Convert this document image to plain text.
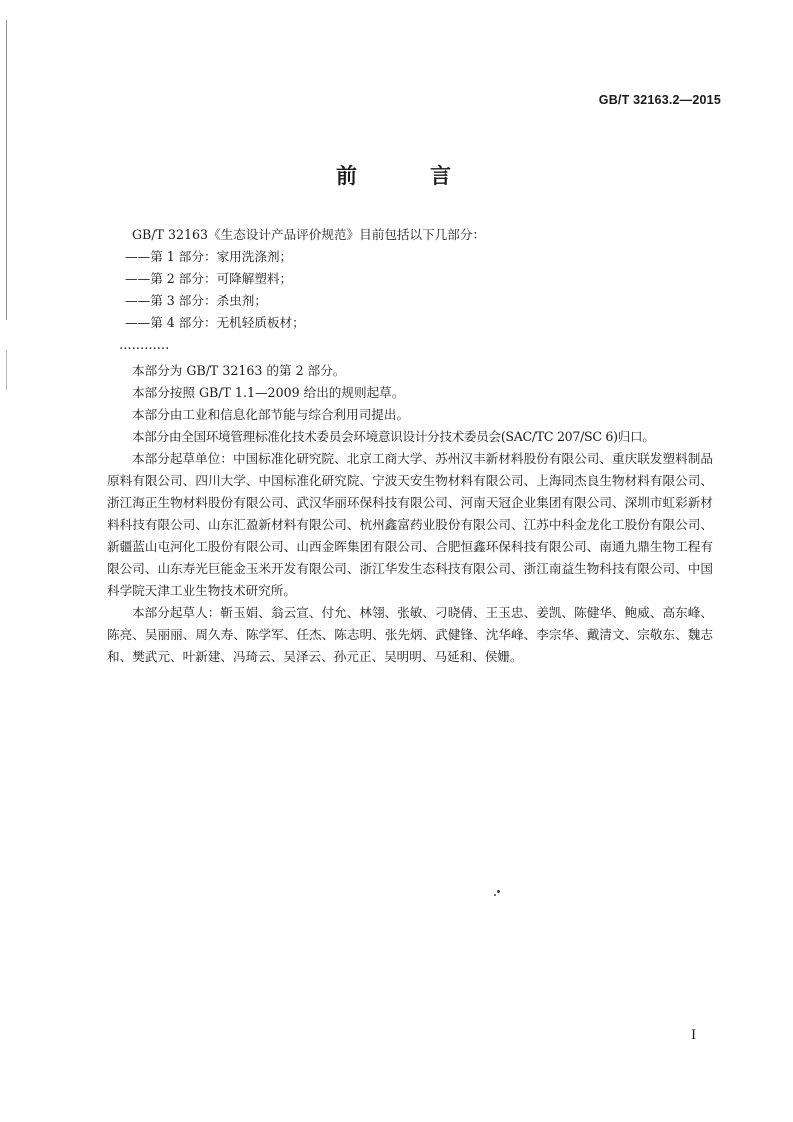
GB/T 32163.2—2015
前　言

GB/T 32163《生态设计产品评价规范》目前包括以下几部分：

——第 1 部分：家用洗涤剂；

——第 2 部分：可降解塑料；

——第 3 部分：杀虫剂；

——第 4 部分：无机轻质板材；

…………

本部分为 GB/T 32163 的第 2 部分。

本部分按照 GB/T 1.1—2009 给出的规则起草。

本部分由工业和信息化部节能与综合利用司提出。

本部分由全国环境管理标准化技术委员会环境意识设计分技术委员会(SAC/TC 207/SC 6)归口。

本部分起草单位：中国标准化研究院、北京工商大学、苏州汉丰新材料股份有限公司、重庆联发塑料制品原料有限公司、四川大学、中国标准化研究院、宁波天安生物材料有限公司、上海同杰良生物材料有限公司、浙江海正生物材料股份有限公司、武汉华丽环保科技有限公司、河南天冠企业集团有限公司、深圳市虹彩新材料科技有限公司、山东汇盈新材料有限公司、杭州鑫富药业股份有限公司、江苏中科金龙化工股份有限公司、新疆蓝山屯河化工股份有限公司、山西金晖集团有限公司、合肥恒鑫环保科技有限公司、南通九鼎生物工程有限公司、山东寿光巨能金玉米开发有限公司、浙江华发生态科技有限公司、浙江南益生物科技有限公司、中国科学院天津工业生物技术研究所。

本部分起草人：靳玉娟、翁云宣、付允、林翎、张敏、刁晓倩、王玉忠、姜凯、陈健华、鲍威、高东峰、陈亮、吴丽丽、周久寿、陈学军、任杰、陈志明、张先炳、武健锋、沈华峰、李宗华、戴清文、宗敬东、魏志和、樊武元、叶新建、冯琦云、吴泽云、孙元正、吴明明、马延和、侯姗。

I
